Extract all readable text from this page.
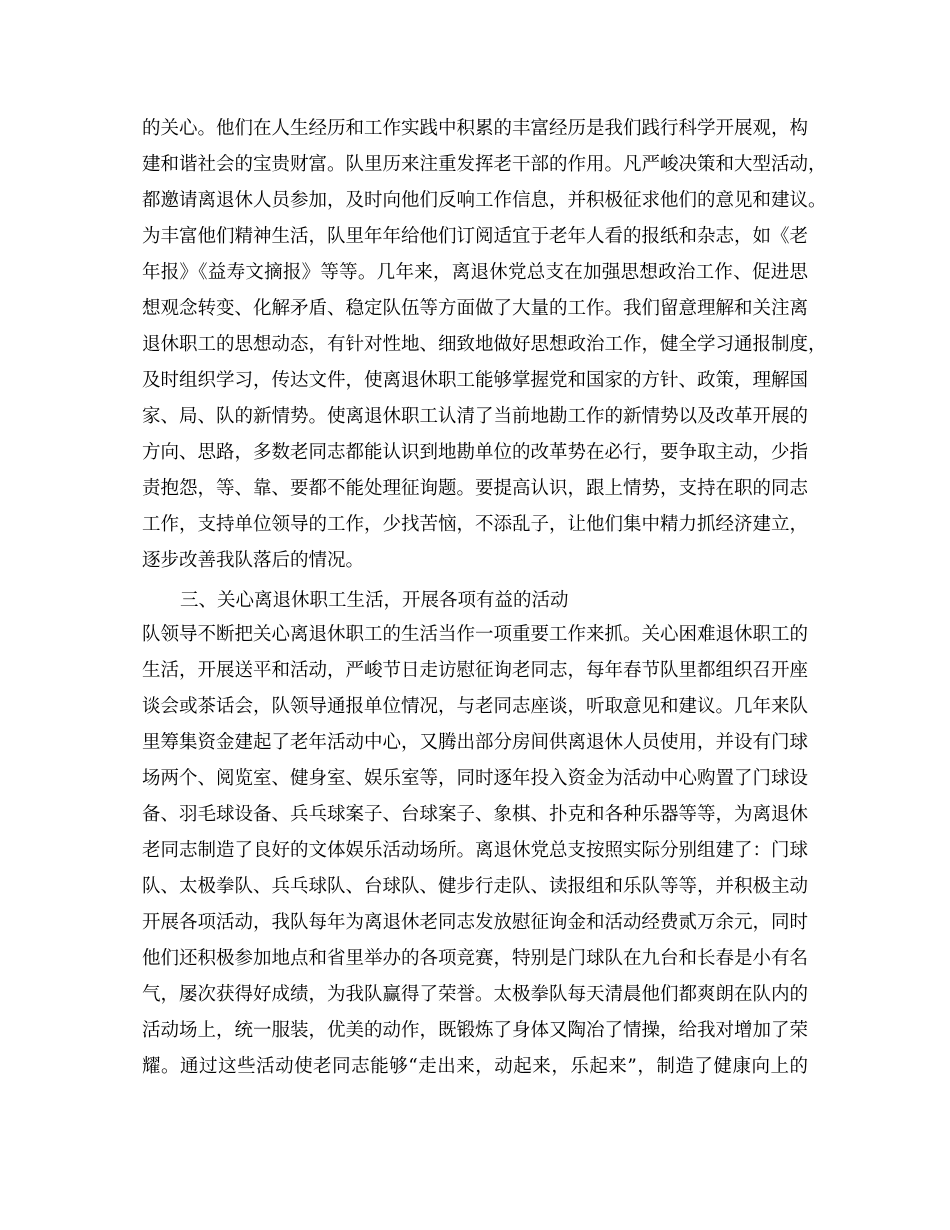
的关心。他们在人生经历和工作实践中积累的丰富经历是我们践行科学开展观，构
建和谐社会的宝贵财富。队里历来注重发挥老干部的作用。凡严峻决策和大型活动，
都邀请离退休人员参加，及时向他们反响工作信息，并积极征求他们的意见和建议。
为丰富他们精神生活，队里年年给他们订阅适宜于老年人看的报纸和杂志，如《老
年报》《益寿文摘报》等等。几年来，离退休党总支在加强思想政治工作、促进思
想观念转变、化解矛盾、稳定队伍等方面做了大量的工作。我们留意理解和关注离
退休职工的思想动态，有针对性地、细致地做好思想政治工作，健全学习通报制度，
及时组织学习，传达文件，使离退休职工能够掌握党和国家的方针、政策，理解国
家、局、队的新情势。使离退休职工认清了当前地勘工作的新情势以及改革开展的
方向、思路，多数老同志都能认识到地勘单位的改革势在必行，要争取主动，少指
责抱怨，等、靠、要都不能处理征询题。要提高认识，跟上情势，支持在职的同志
工作，支持单位领导的工作，少找苦恼，不添乱子，让他们集中精力抓经济建立，
逐步改善我队落后的情况。
三、关心离退休职工生活，开展各项有益的活动
队领导不断把关心离退休职工的生活当作一项重要工作来抓。关心困难退休职工的
生活，开展送平和活动，严峻节日走访慰征询老同志，每年春节队里都组织召开座
谈会或茶话会，队领导通报单位情况，与老同志座谈，听取意见和建议。几年来队
里筹集资金建起了老年活动中心，又腾出部分房间供离退休人员使用，并设有门球
场两个、阅览室、健身室、娱乐室等，同时逐年投入资金为活动中心购置了门球设
备、羽毛球设备、兵乓球案子、台球案子、象棋、扑克和各种乐器等等，为离退休
老同志制造了良好的文体娱乐活动场所。离退休党总支按照实际分别组建了：门球
队、太极拳队、兵乓球队、台球队、健步行走队、读报组和乐队等等，并积极主动
开展各项活动，我队每年为离退休老同志发放慰征询金和活动经费贰万余元，同时
他们还积极参加地点和省里举办的各项竞赛，特别是门球队在九台和长春是小有名
气，屡次获得好成绩，为我队赢得了荣誉。太极拳队每天清晨他们都爽朗在队内的
活动场上，统一服装，优美的动作，既锻炼了身体又陶冶了情操，给我对增加了荣
耀。通过这些活动使老同志能够“走出来，动起来，乐起来”，制造了健康向上的
